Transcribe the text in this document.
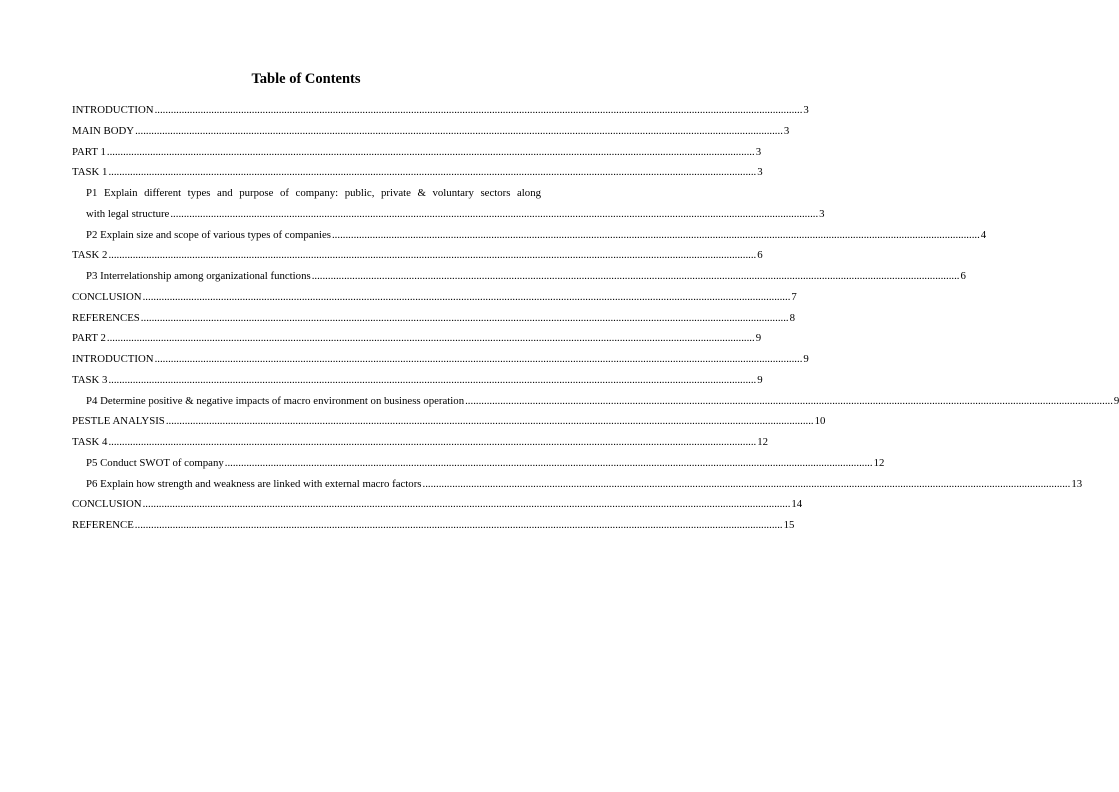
Table of Contents
INTRODUCTION .....	3
MAIN BODY .....	3
PART 1 .....	3
TASK 1 .....	3
P1 Explain different types and purpose of company: public, private & voluntary sectors along
with legal structure .....	3
P2 Explain size and scope of various types of companies .....	4
TASK 2 .....	6
P3 Interrelationship among organizational functions .....	6
CONCLUSION .....	7
REFERENCES .....	8
PART 2 .....	9
INTRODUCTION .....	9
TASK 3 .....	9
P4 Determine positive & negative impacts of macro environment on business operation .....	9
PESTLE ANALYSIS .....	10
TASK 4 .....	12
P5 Conduct SWOT of company .....	12
P6 Explain how strength and weakness are linked with external macro factors .....	13
CONCLUSION .....	14
REFERENCE .....	15
